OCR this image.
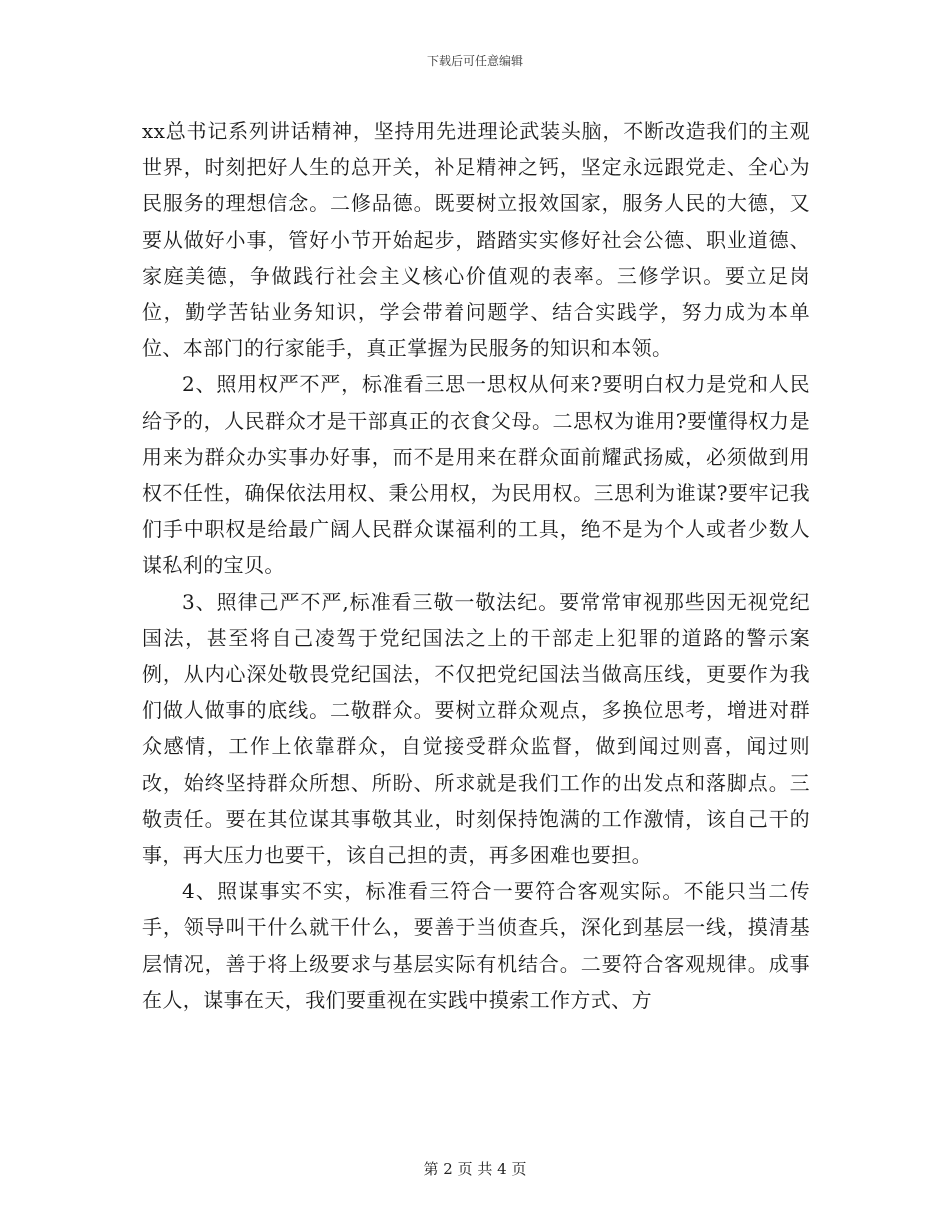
下载后可任意编辑

xx总书记系列讲话精神，坚持用先进理论武装头脑，不断改造我们的主观世界，时刻把好人生的总开关，补足精神之钙，坚定永远跟党走、全心为民服务的理想信念。二修品德。既要树立报效国家，服务人民的大德，又要从做好小事，管好小节开始起步，踏踏实实修好社会公德、职业道德、家庭美德，争做践行社会主义核心价值观的表率。三修学识。要立足岗位，勤学苦钻业务知识，学会带着问题学、结合实践学，努力成为本单位、本部门的行家能手，真正掌握为民服务的知识和本领。

2、照用权严不严，标准看三思一思权从何来?要明白权力是党和人民给予的，人民群众才是干部真正的衣食父母。二思权为谁用?要懂得权力是用来为群众办实事办好事，而不是用来在群众面前耀武扬威，必须做到用权不任性，确保依法用权、秉公用权，为民用权。三思利为谁谋?要牢记我们手中职权是给最广阔人民群众谋福利的工具，绝不是为个人或者少数人谋私利的宝贝。

3、照律己严不严,标准看三敬一敬法纪。要常常审视那些因无视党纪国法，甚至将自己凌驾于党纪国法之上的干部走上犯罪的道路的警示案例，从内心深处敬畏党纪国法，不仅把党纪国法当做高压线，更要作为我们做人做事的底线。二敬群众。要树立群众观点，多换位思考，增进对群众感情，工作上依靠群众，自觉接受群众监督，做到闻过则喜，闻过则改，始终坚持群众所想、所盼、所求就是我们工作的出发点和落脚点。三敬责任。要在其位谋其事敬其业，时刻保持饱满的工作激情，该自己干的事，再大压力也要干，该自己担的责，再多困难也要担。

4、照谋事实不实，标准看三符合一要符合客观实际。不能只当二传手，领导叫干什么就干什么，要善于当侦查兵，深化到基层一线，摸清基层情况，善于将上级要求与基层实际有机结合。二要符合客观规律。成事在人，谋事在天，我们要重视在实践中摸索工作方式、方

第 2 页 共 4 页
